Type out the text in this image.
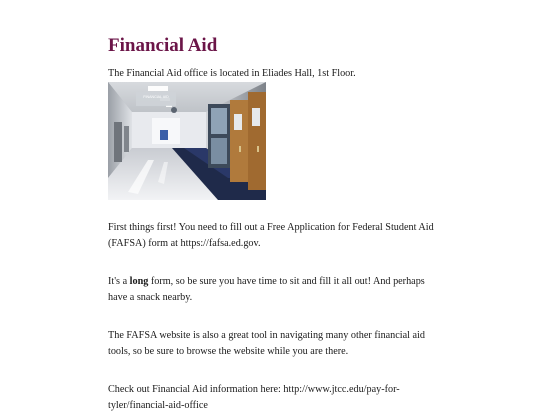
Financial Aid

The Financial Aid office is located in Eliades Hall, 1st Floor.

FINANCIAL AID

First things first! You need to fill out a Free Application for Federal Student Aid (FAFSA) form at https://fafsa.ed.gov.

It's a long form, so be sure you have time to sit and fill it all out! And perhaps have a snack nearby.

The FAFSA website is also a great tool in navigating many other financial aid tools, so be sure to browse the website while you are there.

Check out Financial Aid information here: http://www.jtcc.edu/pay-for-tyler/financial-aid-office
